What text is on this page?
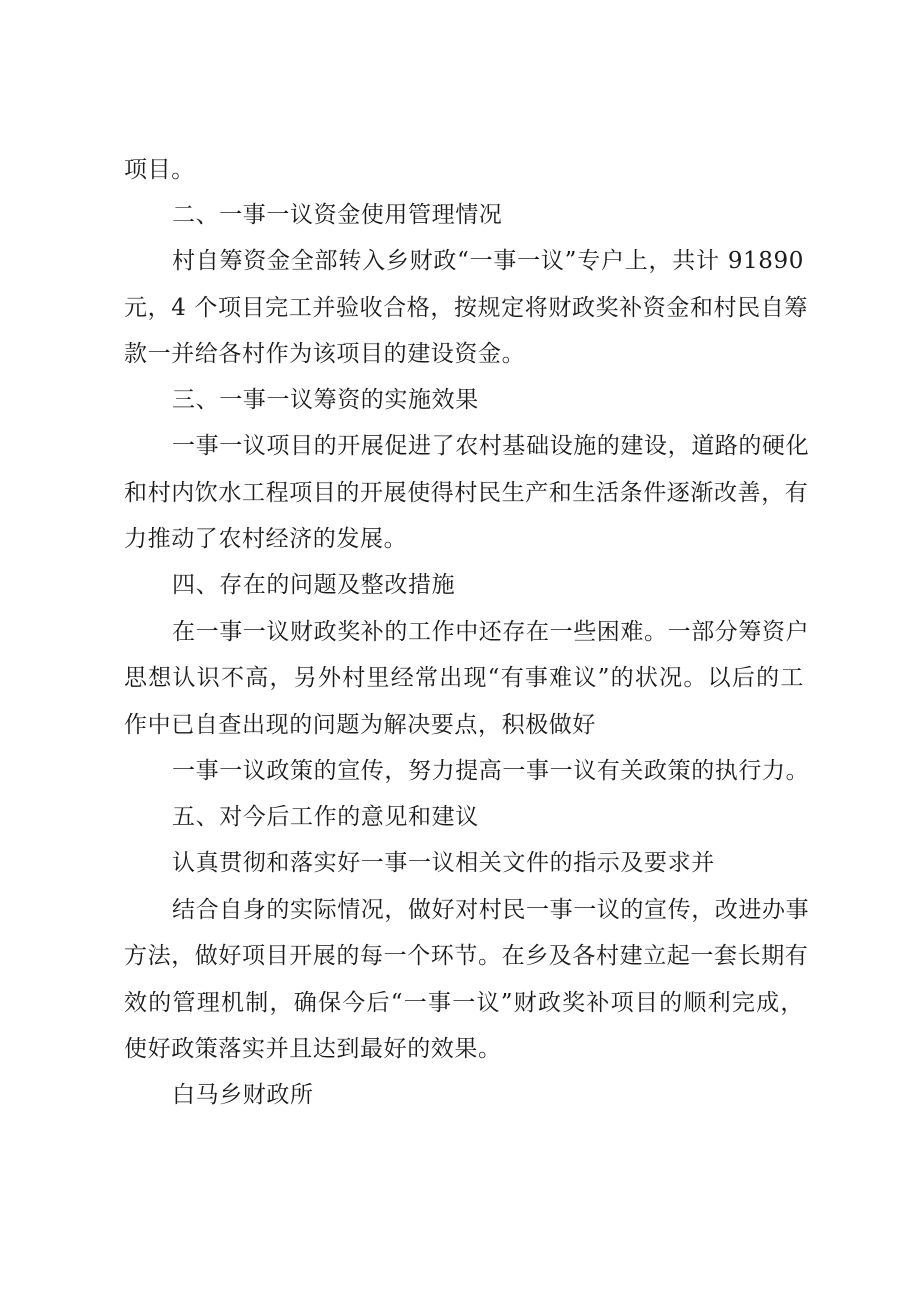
项目。
二、一事一议资金使用管理情况
村自筹资金全部转入乡财政“一事一议”专户上，共计 91890
元，4 个项目完工并验收合格，按规定将财政奖补资金和村民自筹
款一并给各村作为该项目的建设资金。
三、一事一议筹资的实施效果
一事一议项目的开展促进了农村基础设施的建设，道路的硬化
和村内饮水工程项目的开展使得村民生产和生活条件逐渐改善，有
力推动了农村经济的发展。
四、存在的问题及整改措施
在一事一议财政奖补的工作中还存在一些困难。一部分筹资户
思想认识不高，另外村里经常出现“有事难议”的状况。以后的工
作中已自查出现的问题为解决要点，积极做好
一事一议政策的宣传，努力提高一事一议有关政策的执行力。
五、对今后工作的意见和建议
认真贯彻和落实好一事一议相关文件的指示及要求并
结合自身的实际情况，做好对村民一事一议的宣传，改进办事
方法，做好项目开展的每一个环节。在乡及各村建立起一套长期有
效的管理机制，确保今后“一事一议”财政奖补项目的顺利完成，
使好政策落实并且达到最好的效果。
白马乡财政所
